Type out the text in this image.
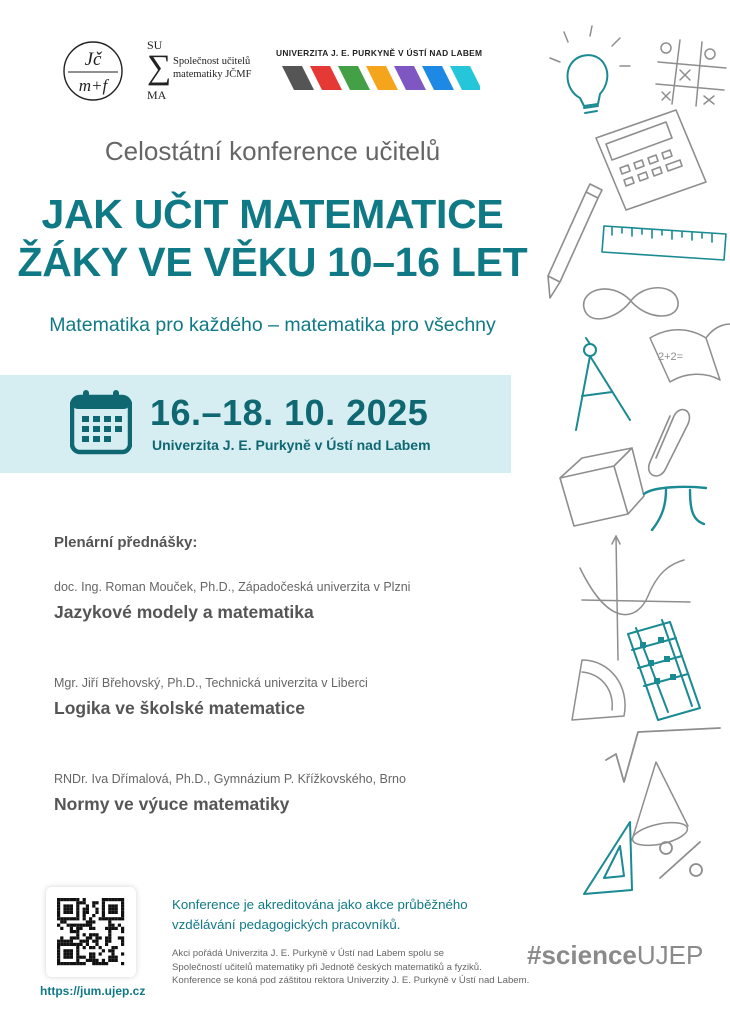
Jč
m+f
SU
∑
MA
Společnost učitelů
matematiky JČMF
UNIVERZITA J. E. PURKYNĚ V ÚSTÍ NAD LABEM
Celostátní konference učitelů
JAK UČIT MATEMATICE
ŽÁKY VE VĚKU 10–16 LET
Matematika pro každého – matematika pro všechny
16.–18. 10. 2025
Univerzita J. E. Purkyně v Ústí nad Labem
Plenární přednášky:
doc. Ing. Roman Mouček, Ph.D., Západočeská univerzita v Plzni
Jazykové modely a matematika
Mgr. Jiří Břehovský, Ph.D., Technická univerzita v Liberci
Logika ve školské matematice
RNDr. Iva Dřímalová, Ph.D., Gymnázium P. Křížkovského, Brno
Normy ve výuce matematiky
https://jum.ujep.cz
Konference je akreditována jako akce průběžného vzdělávání pedagogických pracovníků.
Akci pořádá Univerzita J. E. Purkyně v Ústí nad Labem spolu se
Společností učitelů matematiky při Jednotě českých matematiků a fyziků.
Konference se koná pod záštitou rektora Univerzity J. E. Purkyně v Ústí nad Labem.
#scienceUJEP
2+2=
